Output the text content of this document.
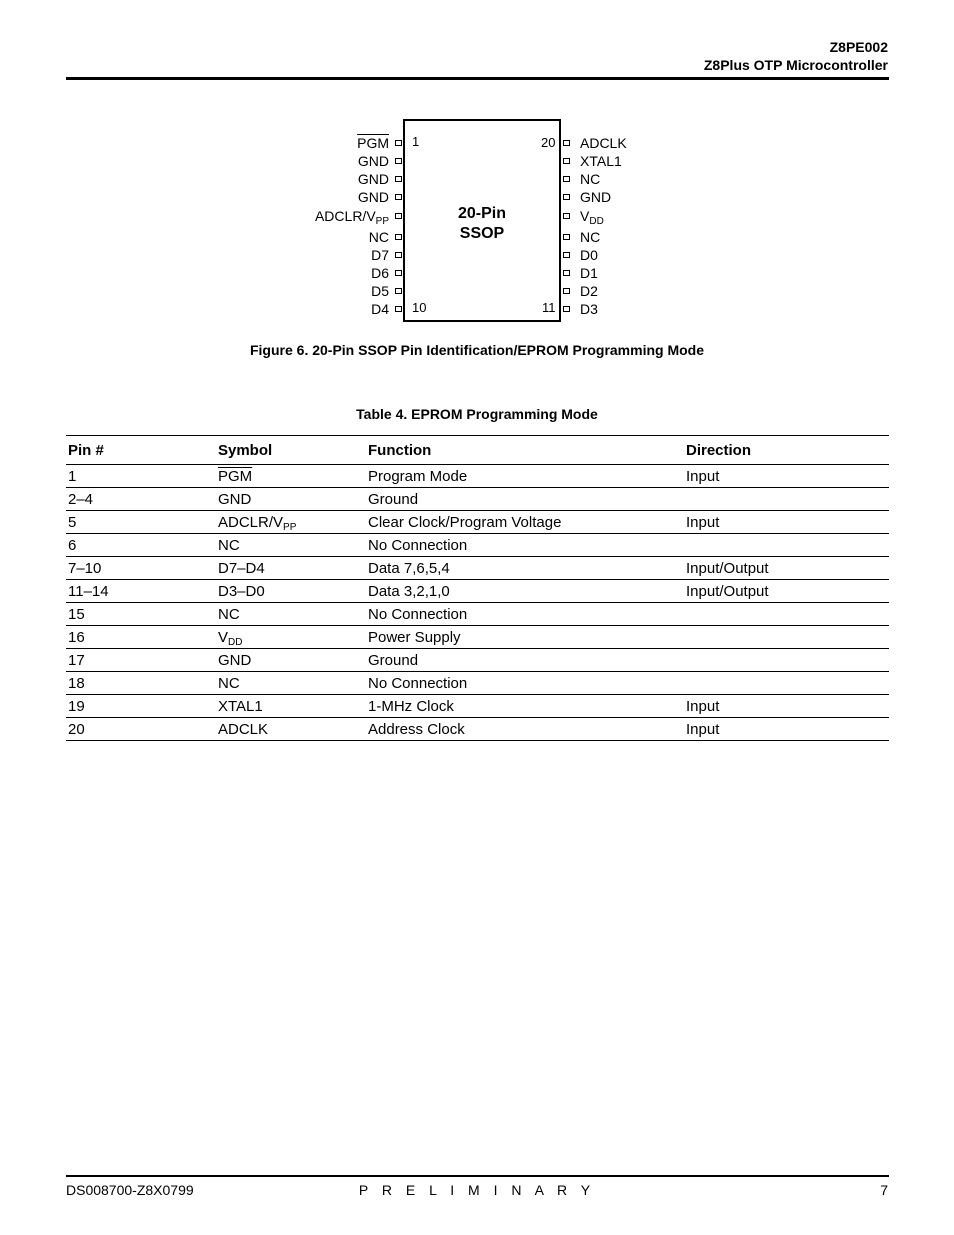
Z8PE002
Z8Plus OTP Microcontroller
20-Pin
SSOP
1
10
20
11
$\overline{PGM}$
GND
GND
GND
ADCLR/$V_{PP}$
NC
D7
D6
D5
D4
ADCLK
XTAL1
NC
GND
$V_{DD}$
NC
D0
D1
D2
D3
Figure 6. 20-Pin SSOP Pin Identification/EPROM Programming Mode
Table 4. EPROM Programming Mode
Pin #	Symbol	Function	Direction
1	$\overline{PGM}$	Program Mode	Input
2–4	GND	Ground	
5	ADCLR/$V_{PP}$	Clear Clock/Program Voltage	Input
6	NC	No Connection	
7–10	D7–D4	Data 7,6,5,4	Input/Output
11–14	D3–D0	Data 3,2,1,0	Input/Output
15	NC	No Connection	
16	$V_{DD}$	Power Supply	
17	GND	Ground	
18	NC	No Connection	
19	XTAL1	1-MHz Clock	Input
20	ADCLK	Address Clock	Input
DS008700-Z8X0799	P R E L I M I N A R Y	7
